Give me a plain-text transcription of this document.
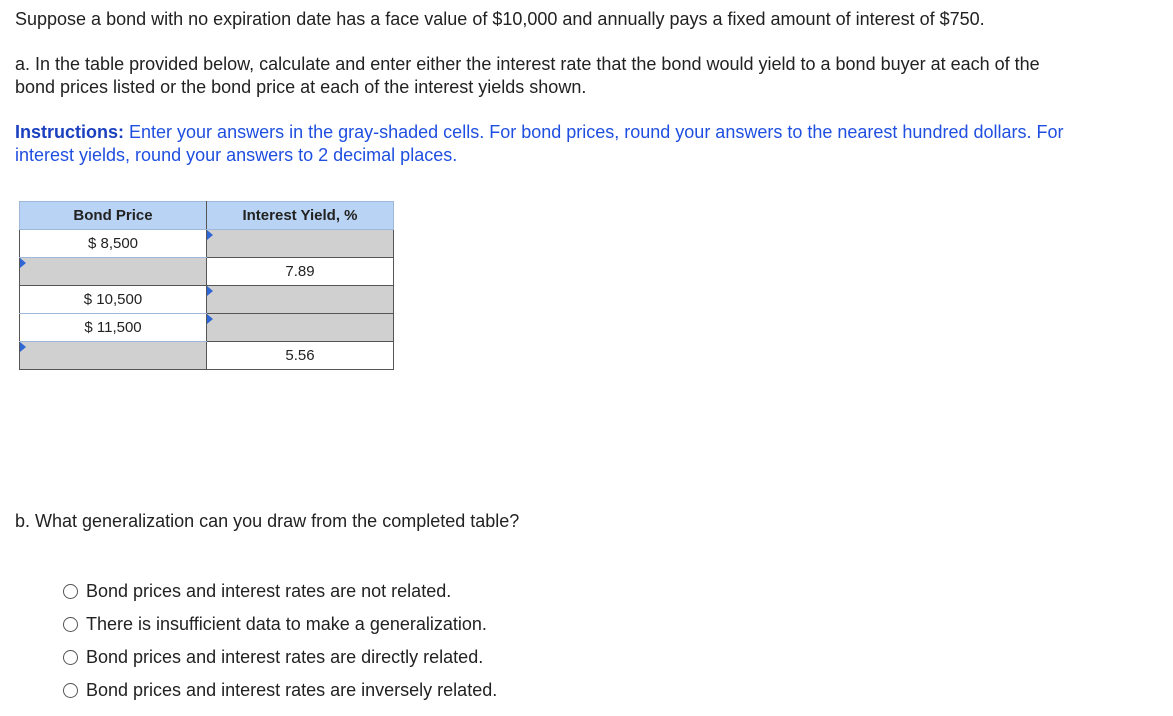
Suppose a bond with no expiration date has a face value of $10,000 and annually pays a fixed amount of interest of $750.

a. In the table provided below, calculate and enter either the interest rate that the bond would yield to a bond buyer at each of the

bond prices listed or the bond price at each of the interest yields shown.

Instructions: Enter your answers in the gray-shaded cells. For bond prices, round your answers to the nearest hundred dollars. For

interest yields, round your answers to 2 decimal places.

Bond Price	Interest Yield, %
$ 8,500	

	7.89
$ 10,500	

$ 11,500	

	5.56

b. What generalization can you draw from the completed table?

Bond prices and interest rates are not related.
There is insufficient data to make a generalization.
Bond prices and interest rates are directly related.
Bond prices and interest rates are inversely related.
